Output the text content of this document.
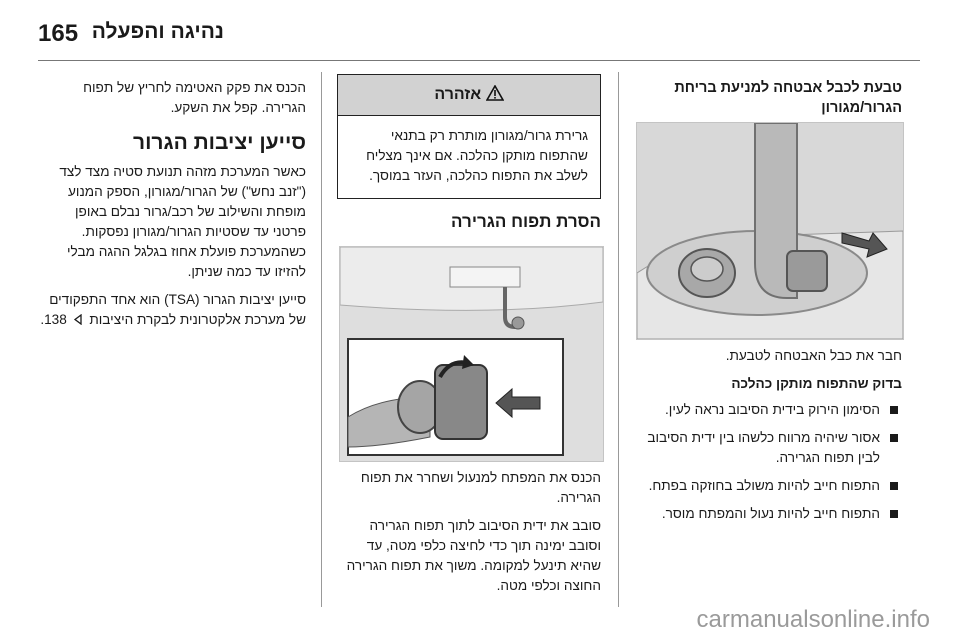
165 נהיגה והפעלה
טבעת לכבל אבטחה למניעת בריחת הגרור/מגורון

חבר את כבל האבטחה לטבעת.

בדוק שהתפוח מותקן כהלכה
הסימון הירוק בידית הסיבוב נראה לעין.
אסור שיהיה מרווח כלשהו בין ידית הסיבוב לבין תפוח הגרירה.
התפוח חייב להיות משולב בחוזקה בפתח.
התפוח חייב להיות נעול והמפתח מוסר.
אזהרה
גרירת גרור/מגורון מותרת רק בתנאי שהתפוח מותקן כהלכה. אם אינך מצליח לשלב את התפוח כהלכה, העזר במוסך.
הסרת תפוח הגרירה

הכנס את המפתח למנעול ושחרר את תפוח הגרירה.

סובב את ידית הסיבוב לתוך תפוח הגרירה וסובב ימינה תוך כדי לחיצה כלפי מטה, עד שהיא תינעל למקומה. משוך את תפוח הגרירה החוצה וכלפי מטה.

הכנס את פקק האטימה לחריץ של תפוח הגרירה. קפל את השקע.

סייען יציבות הגרור

כאשר המערכת מזהה תנועת סטיה מצד לצד ("זנב נחש") של הגרור/מגורון, הספק המנוע מופחת והשילוב של רכב/גרור נבלם באופן פרטני עד שסטיות הגרור/מגורון נפסקות. כשהמערכת פועלת אחוז בגלגל ההגה מבלי להזיזו עד כמה שניתן.

סייען יציבות הגרור (TSA) הוא אחד התפקודים של מערכת אלקטרונית לבקרת היציבות  138.

carmanualsonline.info
